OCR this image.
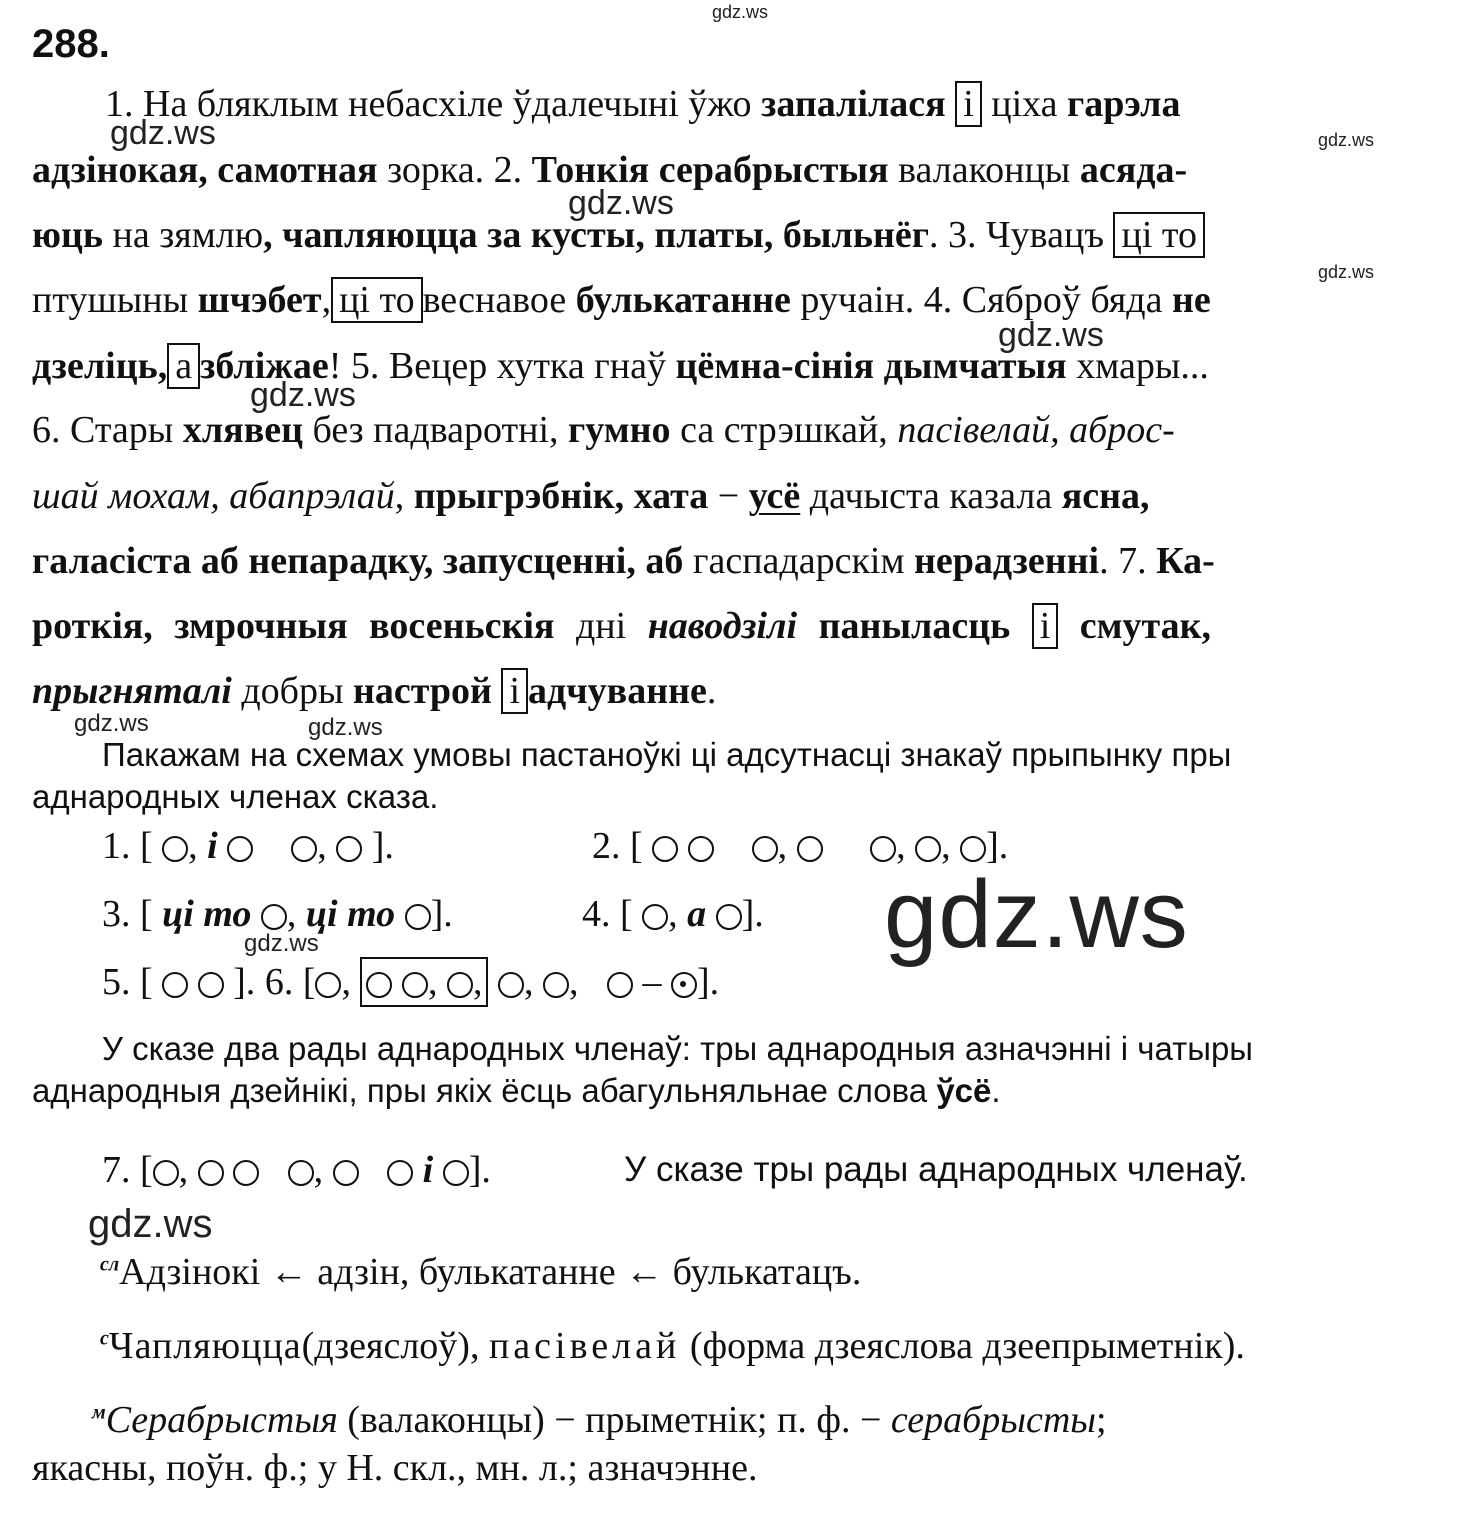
gdz.ws
288.
1. На бляклым небасхіле ўдалечыні ўжо запалілася і ціха гарэла
адзінокая, самотная зорка. 2. Тонкія серабрыстыя валаконцы асяда-
юць на зямлю, чапляюцца за кусты, платы, быльнёг. 3. Чувацъ ці то
птушыны шчэбет, ці то веснавое булькатанне ручаін. 4. Сяброў бяда не
дзеліць, а збліжае! 5. Вецер хутка гнаў цёмна-сінія дымчатыя хмары...
6. Стары хлявец без падваротні, гумно са стрэшкай, пасівелай, аброс-
шай мохам, абапрэлай, прыгрэбнік, хата − усё дачыста казала ясна,
галасіста аб непарадку, запусценні, аб гаспадарскім нерадзенні. 7. Ка-
роткія, змрочныя восеньскія дні наводзілі паныласць і смутак,
прыгняталі добры настрой і адчуванне.
gdz.ws	gdz.ws
gdz.ws
gdz.ws
gdz.ws
gdz.ws
gdz.ws	gdz.ws
gdz.ws
gdz.ws
gdz.ws
Пакажам на схемах умовы пастаноўкі ці адсутнасці знакаў прыпынку пры
аднародных членах сказа.
1. [ , і	,  ].	2. [	,	, , ].
3. [ ці то , ці то ].	4. [ , а ].
5. [   ]. 6. [ ,  , , , ,    –
].
У сказе два рады аднародных членаў: тры аднародныя азначэнні і чатыры
аднародныя дзейнікі, пры якіх ёсць абагульняльнае слова ўсё.
7. [ ,	,     і ].	У сказе тры рады аднародных членаў.
$^{сл}$Адзінокі ← адзін, булькатанне ← булькатацъ.
$^с$Чапляюцца(дзеяслоў), пасівелай (форма дзеяслова дзеепрыметнік).
$^м$Серабрыстыя (валаконцы) − прыметнік; п. ф. − серабрысты;
якасны, поўн. ф.; у Н. скл., мн. л.; азначэнне.
